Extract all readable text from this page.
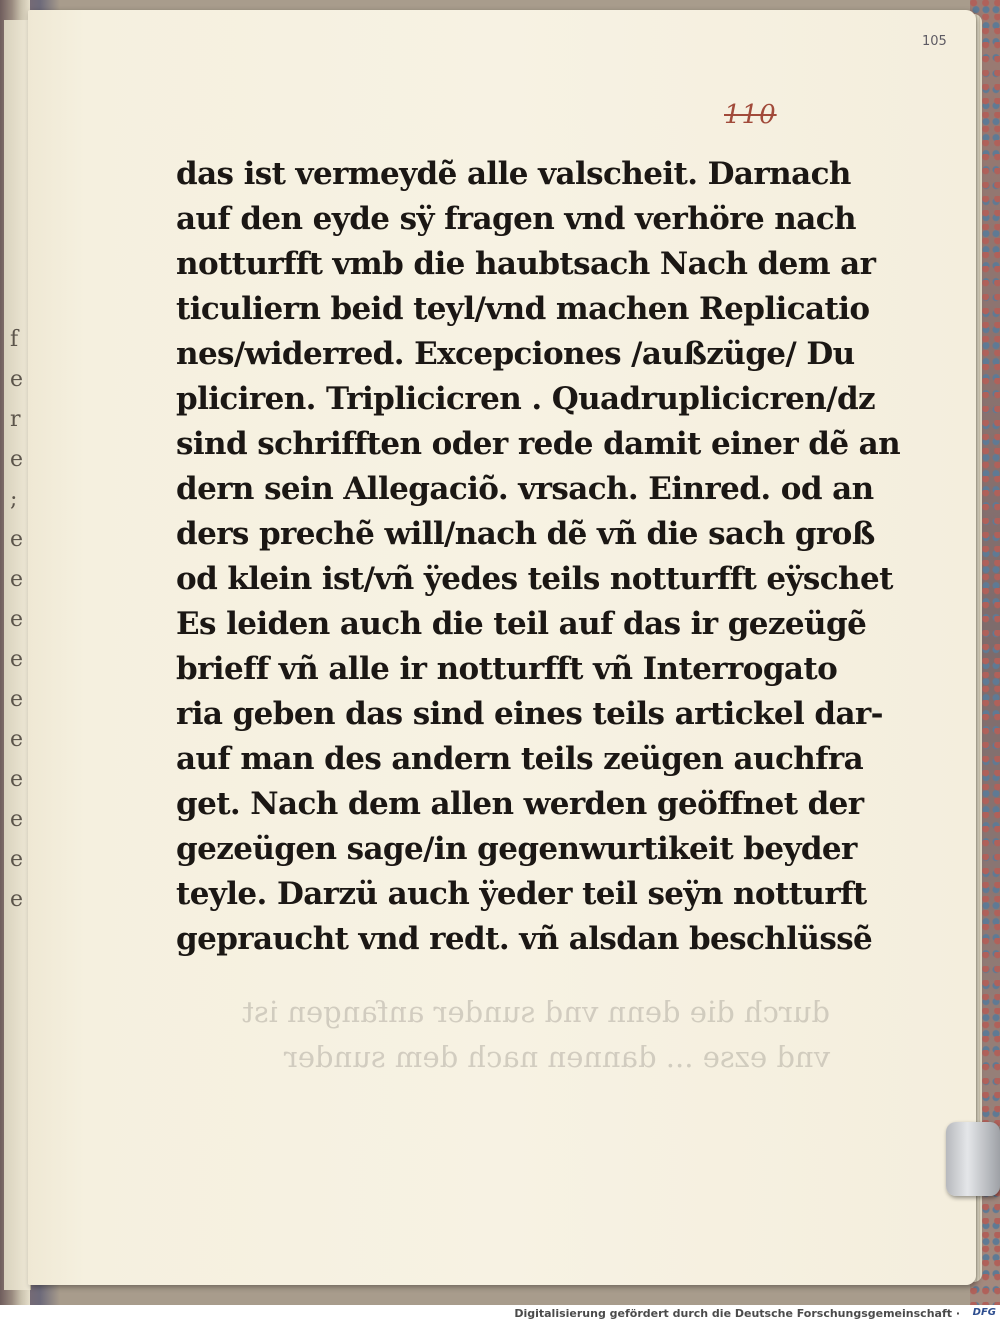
f
e
r
e
;
e
e
e
e
e
e
e
e
e
e
105
110
durch die denn vnd sunder anfangen ist
vnd ezse ... dannen nach dem sunder
das ist vermeydẽ alle valscheit. Darnach
auf den eyde sÿ fragen vnd verhöre nach
notturfft vmb die haubtsach Nach dem ar
ticuliern beid teyl/vnd machen Replicatio
nes/widerred. Excepciones /außzüge/ Du
pliciren. Triplicicren . Quadruplicicren/dz
sind schrifften oder rede damit einer dẽ an
dern sein Allegaciõ. vrsach. Einred. od an
ders prechẽ will/nach dẽ vñ die sach groß
od klein ist/vñ ÿedes teils notturfft eÿschet
Es leiden auch die teil auf das ir gezeügẽ
brieff vñ alle ir notturfft vñ Interrogato
ria geben das sind eines teils artickel dar-
auf man des andern teils zeügen auchfra
get. Nach dem allen werden geöffnet der
gezeügen sage/in gegenwurtikeit beyder
teyle. Darzü auch ÿeder teil seÿn notturft
gepraucht vnd redt. vñ alsdan beschlüssẽ
Digitalisierung gefördert durch die Deutsche Forschungsgemeinschaft · DFG
